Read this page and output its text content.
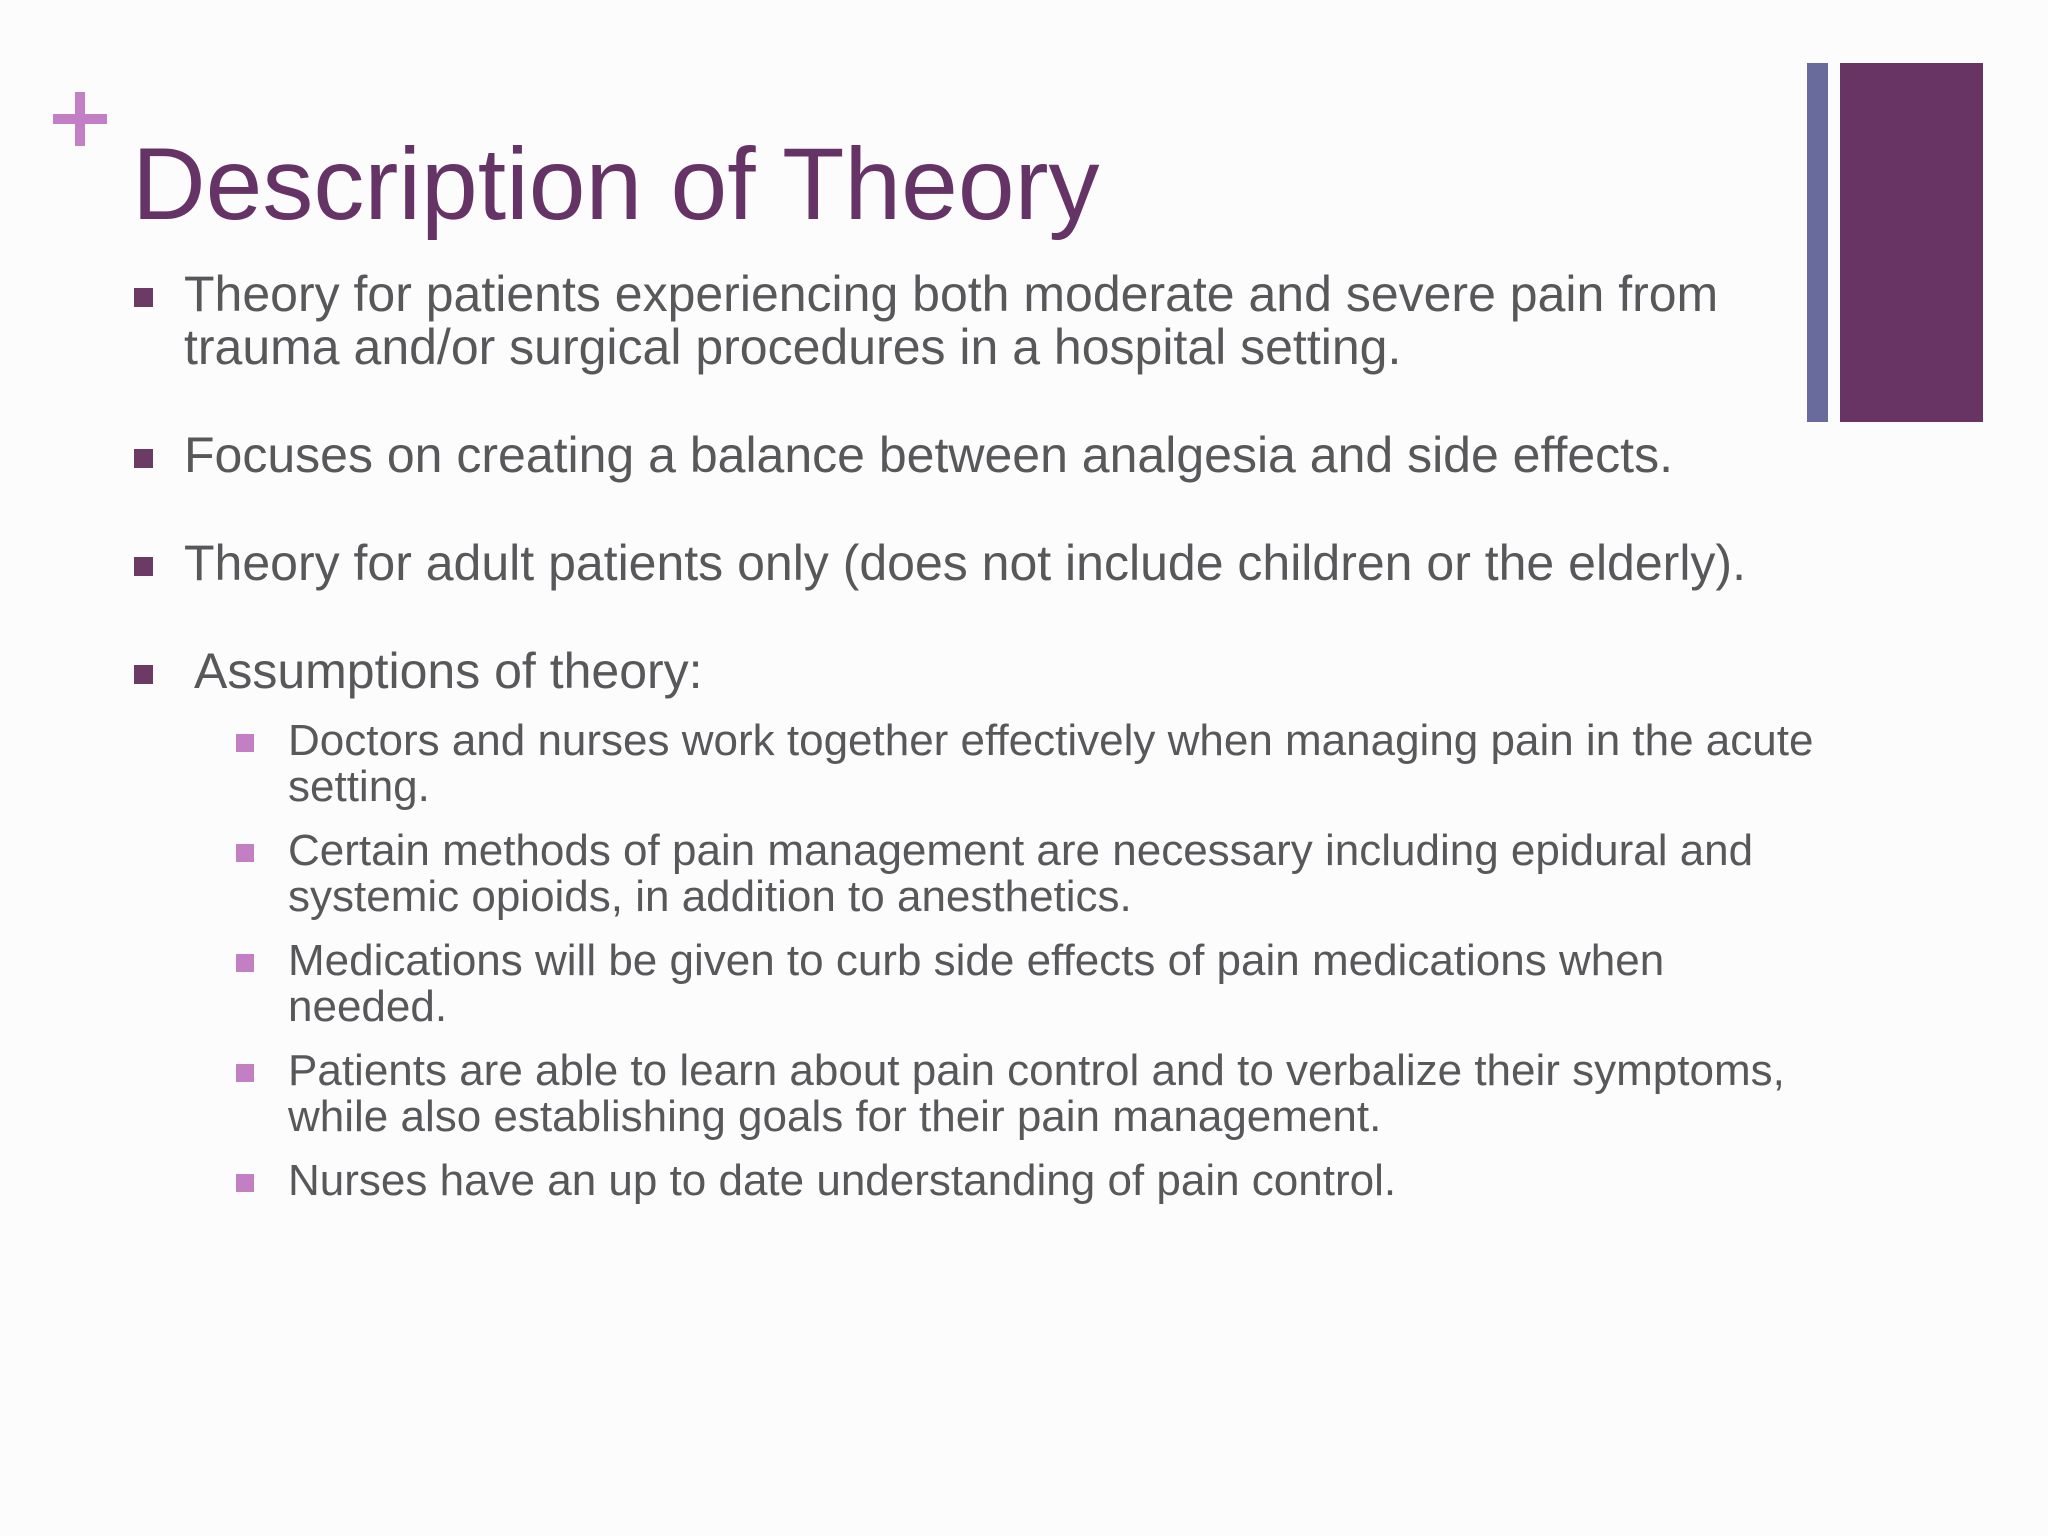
Description of Theory
Theory for patients experiencing both moderate and severe pain from trauma and/or surgical procedures in a hospital setting.
Focuses on creating a balance between analgesia and side effects.
Theory for adult patients only (does not include children or the elderly).
Assumptions of theory:
Doctors and nurses work together effectively when managing pain in the acute setting.
Certain methods of pain management are necessary including epidural and systemic opioids, in addition to anesthetics.
Medications will be given to curb side effects of pain medications when needed.
Patients are able to learn about pain control and to verbalize their symptoms, while also establishing goals for their pain management.
Nurses have an up to date understanding of pain control.
